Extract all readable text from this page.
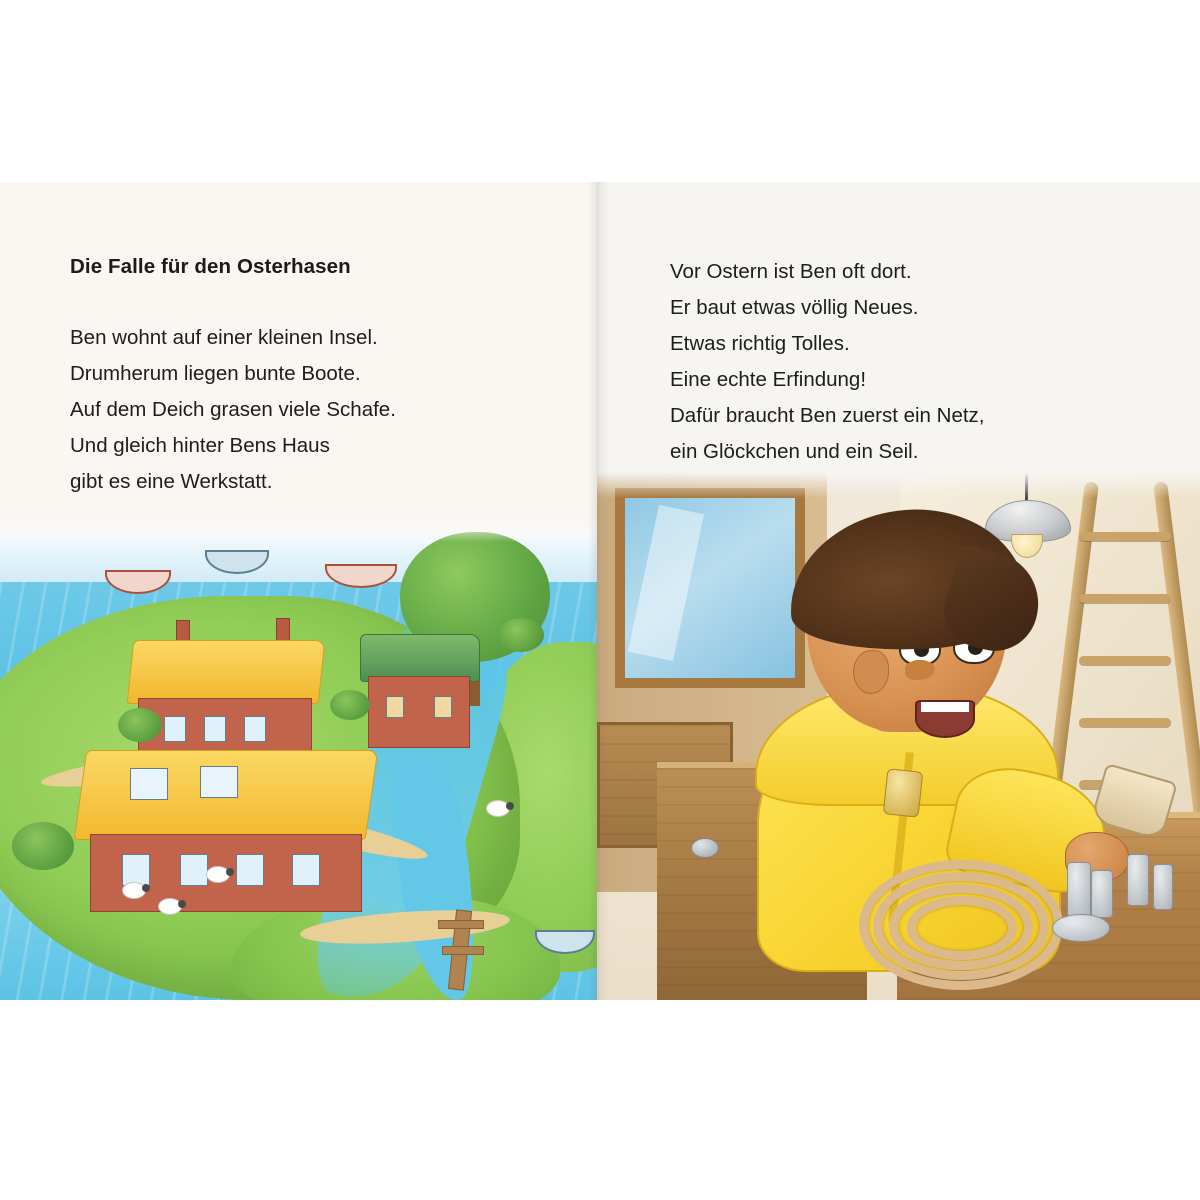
Die Falle für den Osterhasen
Ben wohnt auf einer kleinen Insel.
Drumherum liegen bunte Boote.
Auf dem Deich grasen viele Schafe.
Und gleich hinter Bens Haus
gibt es eine Werkstatt.
Vor Ostern ist Ben oft dort.
Er baut etwas völlig Neues.
Etwas richtig Tolles.
Eine echte Erfindung!
Dafür braucht Ben zuerst ein Netz,
ein Glöckchen und ein Seil.
